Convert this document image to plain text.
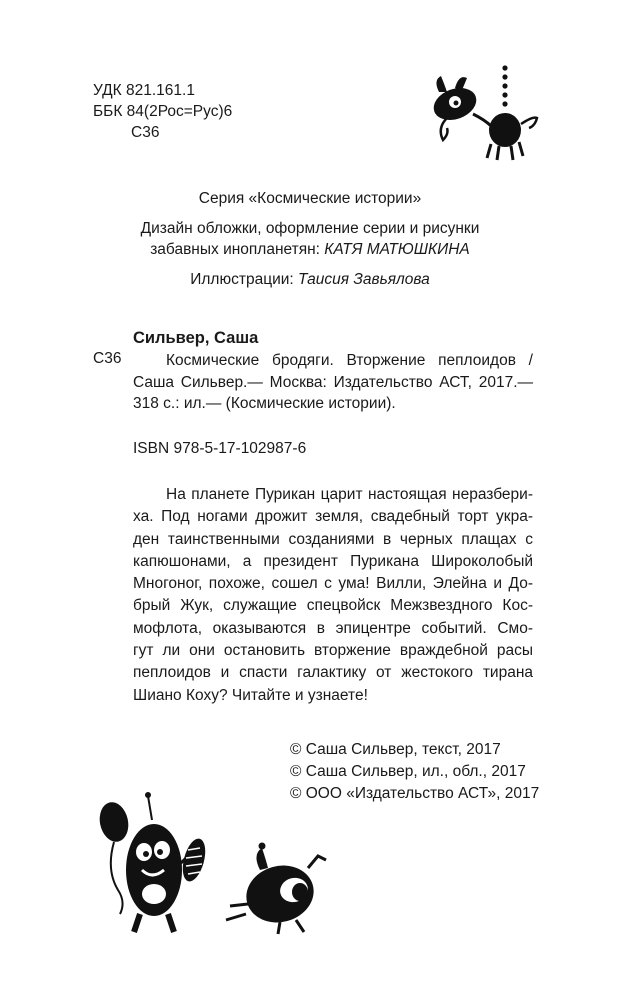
УДК 821.161.1
ББК 84(2Рос=Рус)6
С36
Серия «Космические истории»
Дизайн обложки, оформление серии и рисунки
забавных инопланетян: КАТЯ МАТЮШКИНА
Иллюстрации: Таисия Завьялова
Сильвер, Саша
С36	Космические бродяги. Вторжение пеплоидов /
Саша Сильвер.— Москва: Издательство АСТ, 2017.—
318 с.: ил.— (Космические истории).
ISBN 978-5-17-102987-6
На планете Пурикан царит настоящая неразбери-
ха. Под ногами дрожит земля, свадебный торт укра-
ден таинственными созданиями в черных плащах с
капюшонами, а президент Пурикана Широколобый
Многоног, похоже, сошел с ума! Вилли, Элейна и До-
брый Жук, служащие спецвойск Межзвездного Кос-
мофлота, оказываются в эпицентре событий. Смо-
гут ли они остановить вторжение враждебной расы
пеплоидов и спасти галактику от жестокого тирана
Шиано Коху? Читайте и узнаете!
© Саша Сильвер, текст, 2017
© Саша Сильвер, ил., обл., 2017
© ООО «Издательство АСТ», 2017
